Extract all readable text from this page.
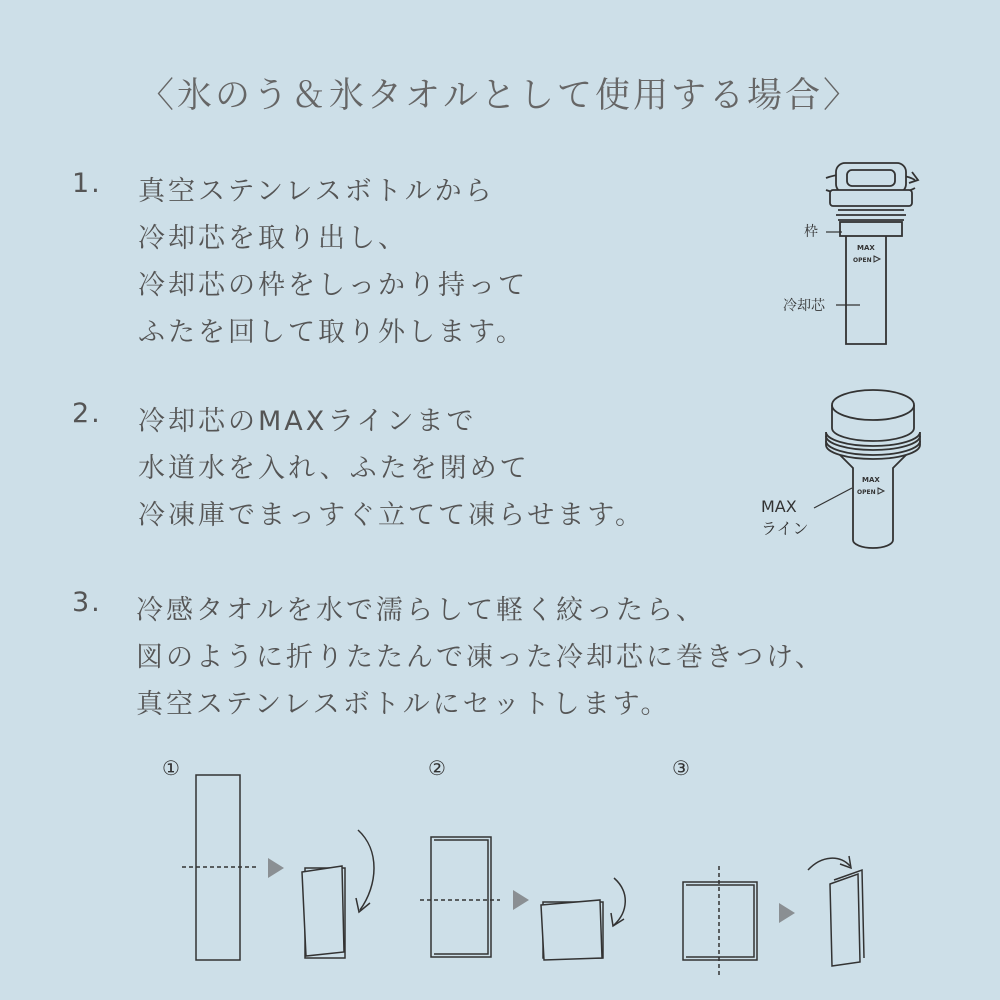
〈氷のう＆氷タオルとして使用する場合〉
1. 真空ステンレスボトルから
冷却芯を取り出し、
冷却芯の枠をしっかり持って
ふたを回して取り外します。
2. 冷却芯のMAXラインまで
水道水を入れ、ふたを閉めて
冷凍庫でまっすぐ立てて凍らせます。
3. 冷感タオルを水で濡らして軽く絞ったら、
図のように折りたたんで凍った冷却芯に巻きつけ、
真空ステンレスボトルにセットします。
枠
冷却芯
MAX
OPEN
MAX
OPEN
MAX
ライン
①	②	③
